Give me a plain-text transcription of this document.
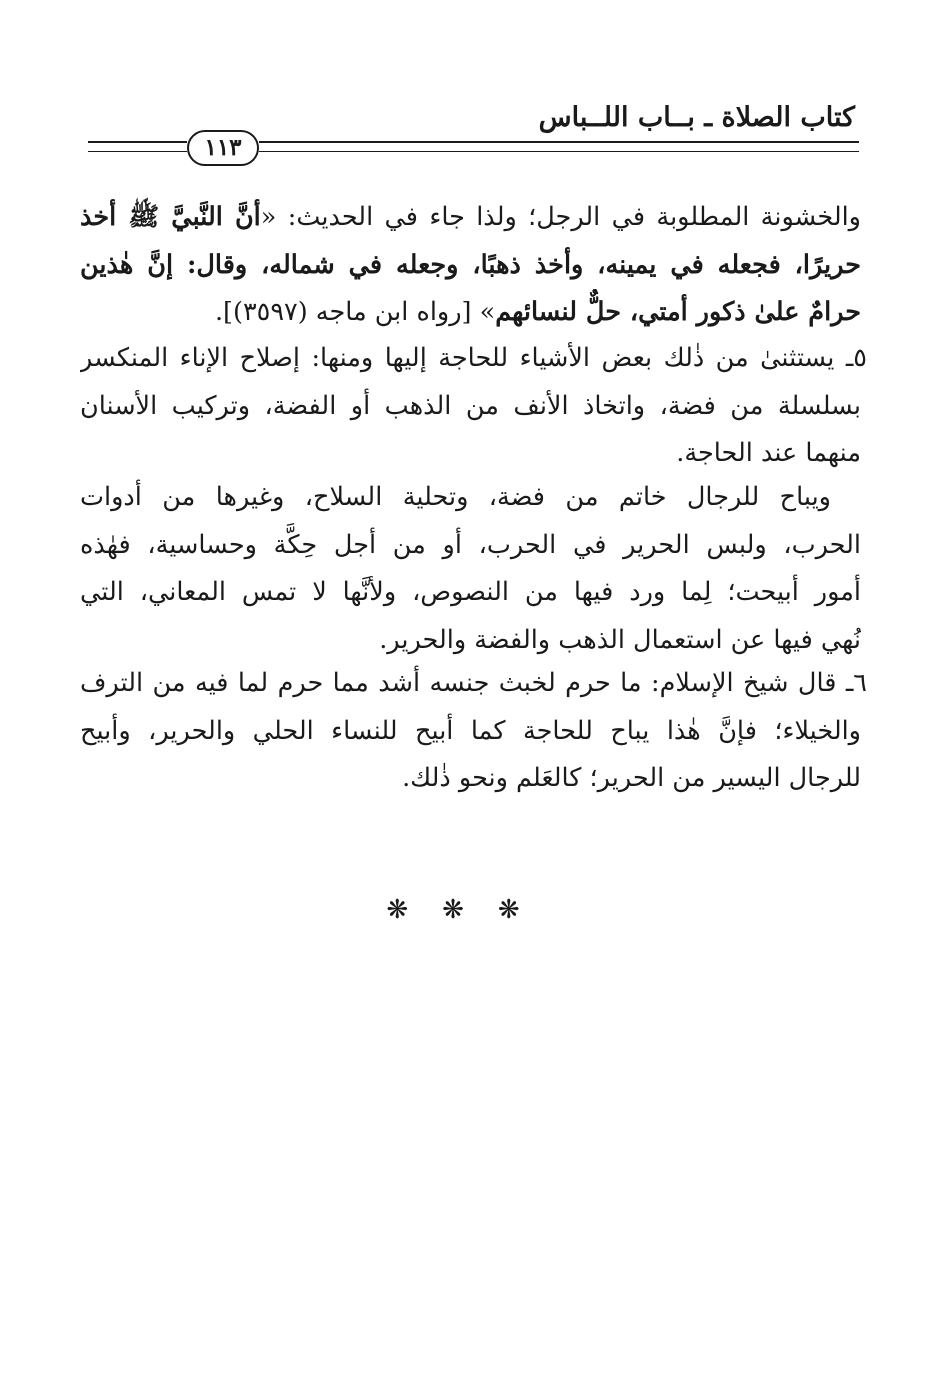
كتاب الصلاة ـ بــاب اللــباس
١١٣
والخشونة المطلوبة في الرجل؛ ولذا جاء في الحديث: «أنَّ النَّبيَّ ﷺ أخذ
حريرًا، فجعله في يمينه، وأخذ ذهبًا، وجعله في شماله، وقال: إنَّ هٰذين
حرامٌ علىٰ ذكور أمتي، حلٌّ لنسائهم» [رواه ابن ماجه (٣٥٩٧)].
٥ـ يستثنىٰ من ذٰلك بعض الأشياء للحاجة إليها ومنها: إصلاح الإناء المنكسر
بسلسلة من فضة، واتخاذ الأنف من الذهب أو الفضة، وتركيب الأسنان
منهما عند الحاجة.
ويباح للرجال خاتم من فضة، وتحلية السلاح، وغيرها من أدوات
الحرب، ولبس الحرير في الحرب، أو من أجل حِكَّة وحساسية، فهٰذه
أمور أبيحت؛ لِما ورد فيها من النصوص، ولأنَّها لا تمس المعاني، التي
نُهي فيها عن استعمال الذهب والفضة والحرير.
٦ـ قال شيخ الإسلام: ما حرم لخبث جنسه أشد مما حرم لما فيه من الترف
والخيلاء؛ فإنَّ هٰذا يباح للحاجة كما أبيح للنساء الحلي والحرير، وأبيح
للرجال اليسير من الحرير؛ كالعَلم ونحو ذٰلك.
❋❋❋
